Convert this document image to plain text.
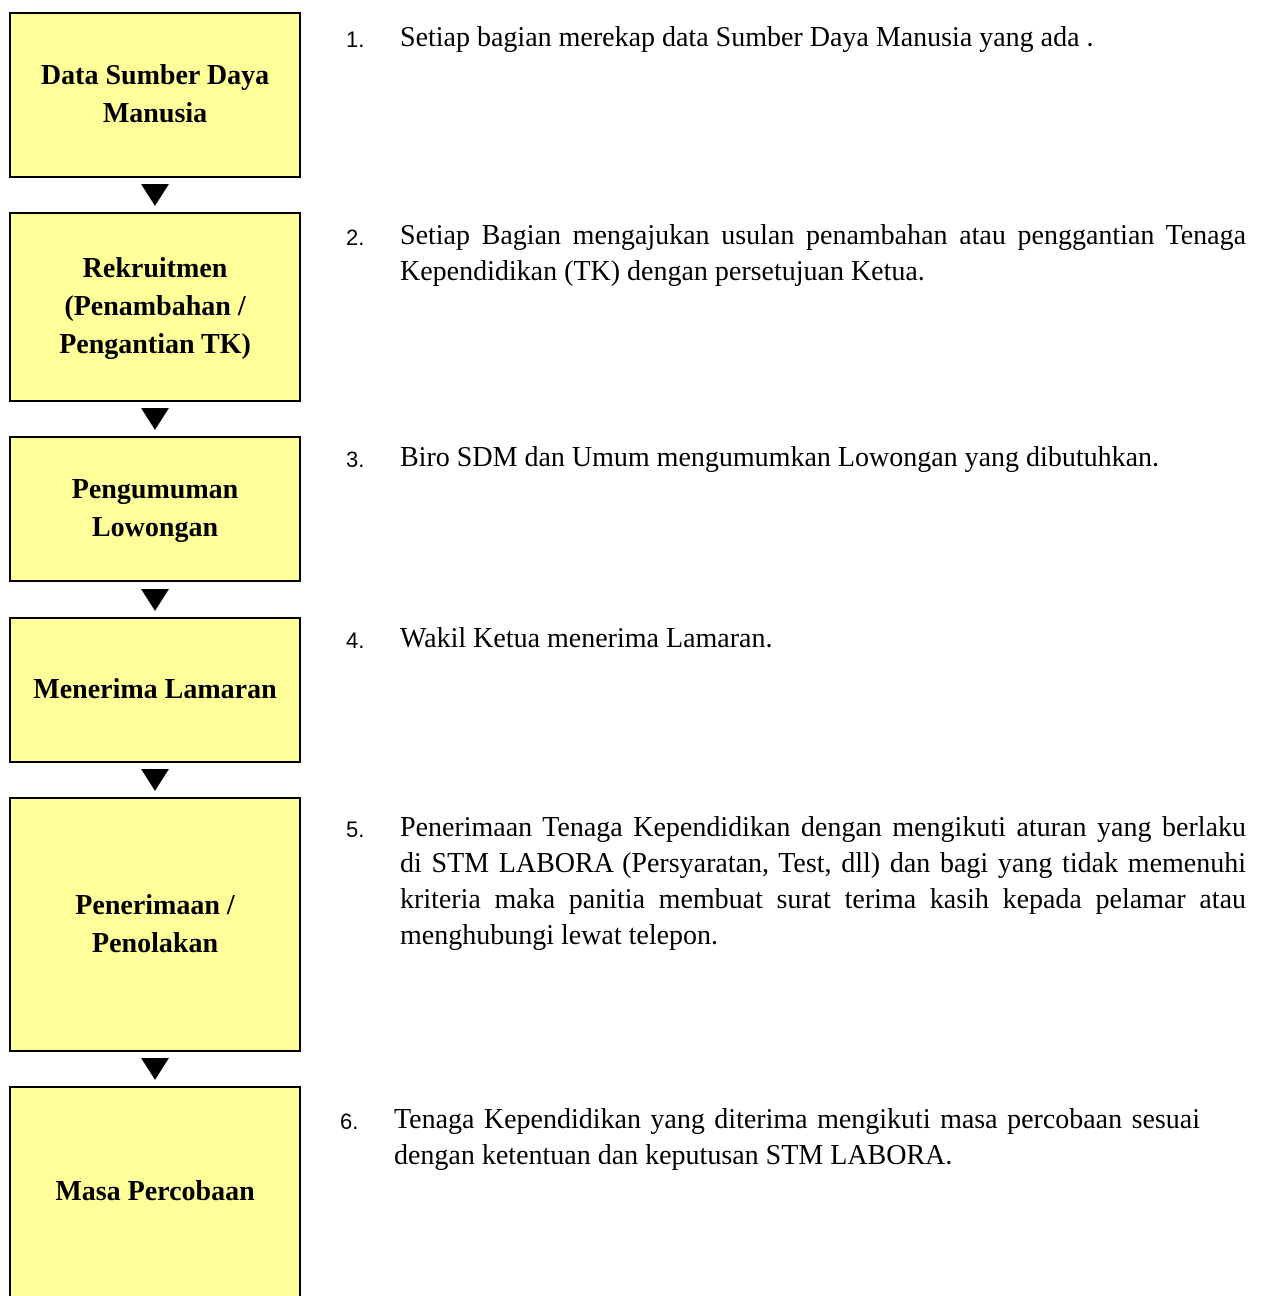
Data Sumber Daya Manusia
Rekruitmen (Penambahan / Pengantian TK)
Pengumuman Lowongan
Menerima Lamaran
Penerimaan / Penolakan
Masa Percobaan
1.	Setiap bagian merekap data Sumber Daya Manusia yang ada .
2.	Setiap Bagian mengajukan usulan penambahan atau penggantian Tenaga Kependidikan (TK) dengan persetujuan Ketua.
3.	Biro SDM dan Umum mengumumkan Lowongan yang dibutuhkan.
4.	Wakil Ketua menerima Lamaran.
5.	Penerimaan Tenaga Kependidikan dengan mengikuti aturan yang berlaku di STM LABORA (Persyaratan, Test, dll) dan bagi yang tidak memenuhi kriteria maka panitia membuat surat terima kasih kepada pelamar atau menghubungi lewat telepon.
6.	Tenaga Kependidikan yang diterima mengikuti masa percobaan sesuai dengan ketentuan dan keputusan STM LABORA.
